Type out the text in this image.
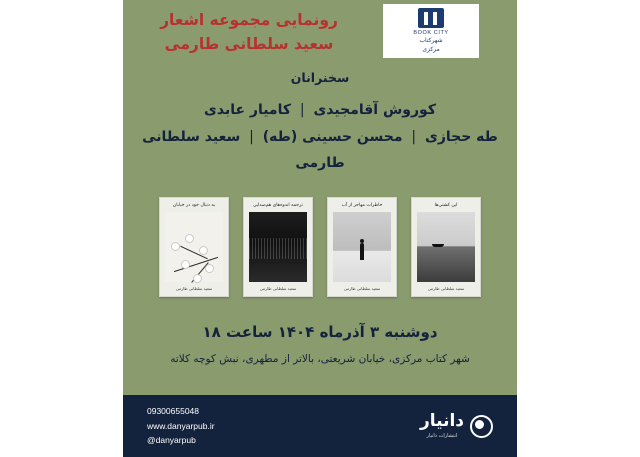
BOOK CITY
شهرکتاب
مرکزی
رونمایی مجموعه اشعار
سعید سلطانی طارمی
سخنرانان
کوروش آقامجیدی | کامیار عابدی
طه حجازی | محسن حسینی (طه) | سعید سلطانی طارمی
به دنبال خود در خیابان
سعید سلطانی طارمی
ترجمه اندوه‌های هم‌صدایی
سعید سلطانی طارمی
خاطرات مهاجر از آب
سعید سلطانی طارمی
این کشتی‌ها
سعید سلطانی طارمی
دوشنبه ۳ آذرماه ۱۴۰۴ ساعت ۱۸
شهر کتاب مرکزی، خیابان شریعتی، بالاتر از مطهری، نبش کوچه کلاته
دانیار
انتشارات دانیار
09300655048
www.danyarpub.ir
@danyarpub
